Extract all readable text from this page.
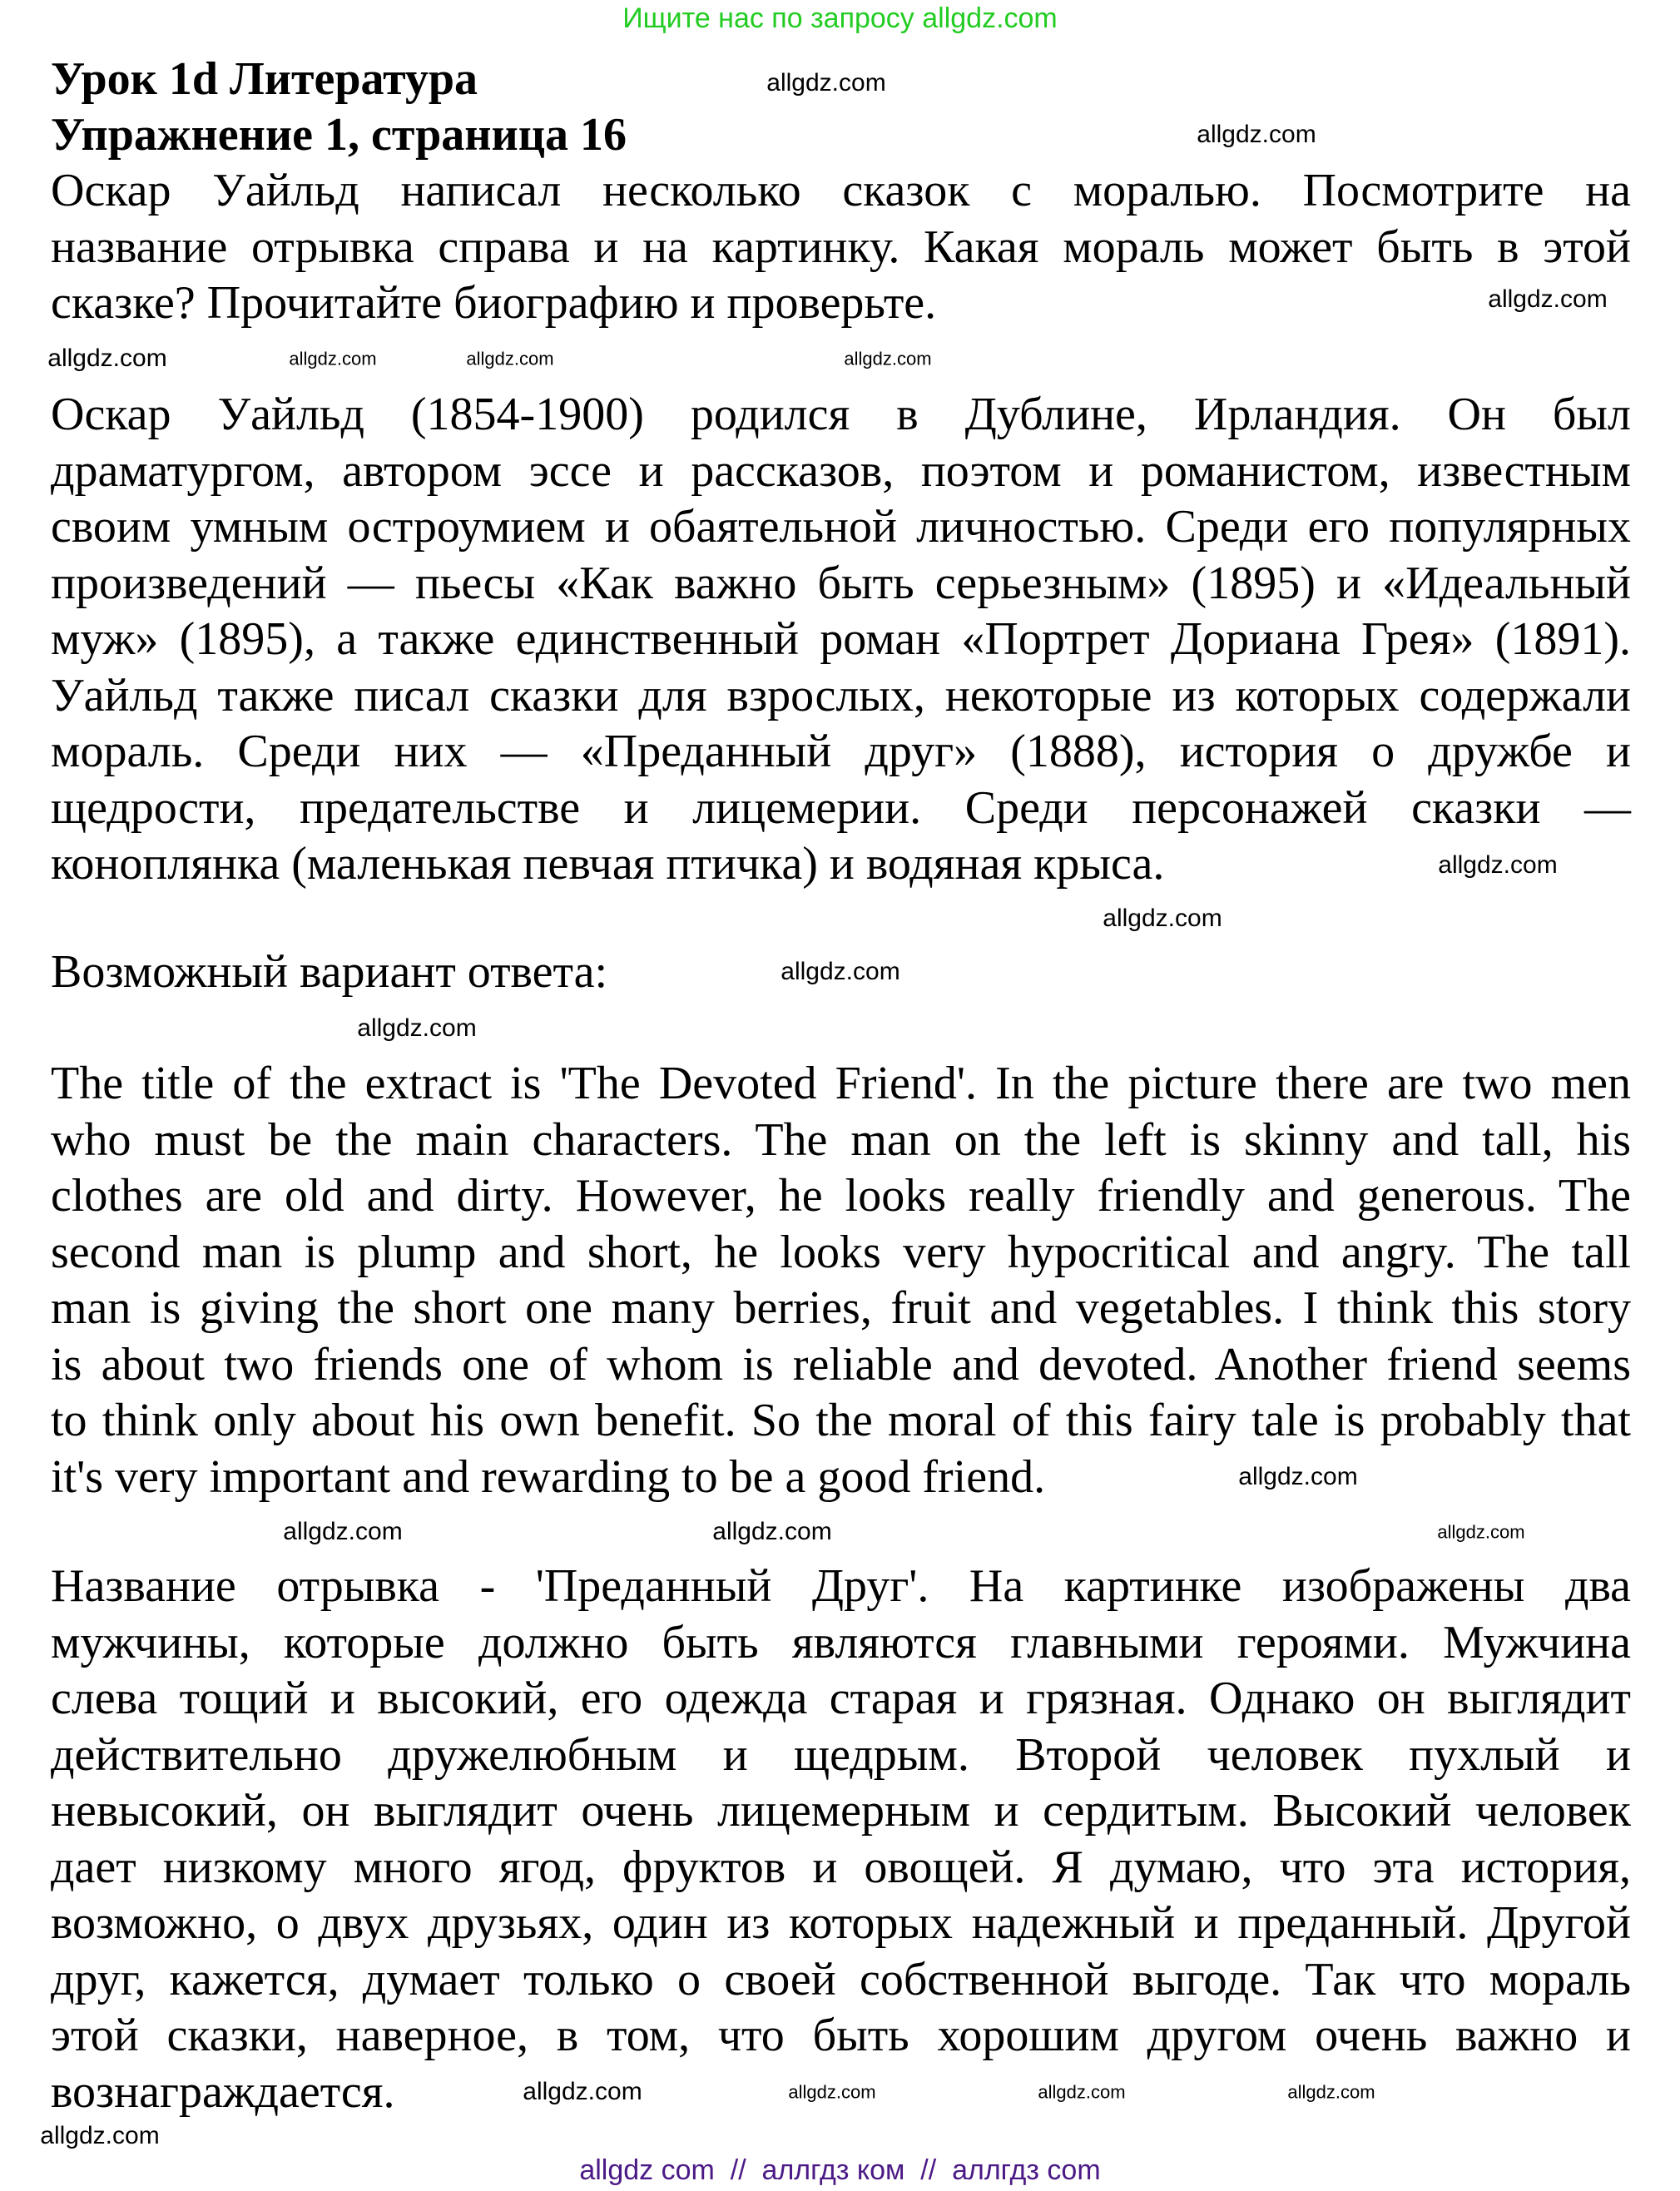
Ищите нас по запросу allgdz.com
Урок 1d Литература
Упражнение 1, страница 16
Оскар Уайльд написал несколько сказок с моралью. Посмотрите на
название отрывка справа и на картинку. Какая мораль может быть в этой
сказке? Прочитайте биографию и проверьте.
Оскар Уайльд (1854-1900) родился в Дублине, Ирландия. Он был
драматургом, автором эссе и рассказов, поэтом и романистом, известным
своим умным остроумием и обаятельной личностью. Среди его популярных
произведений — пьесы «Как важно быть серьезным» (1895) и «Идеальный
муж» (1895), а также единственный роман «Портрет Дориана Грея» (1891).
Уайльд также писал сказки для взрослых, некоторые из которых содержали
мораль. Среди них — «Преданный друг» (1888), история о дружбе и
щедрости, предательстве и лицемерии. Среди персонажей сказки —
коноплянка (маленькая певчая птичка) и водяная крыса.
Возможный вариант ответа:
The title of the extract is 'The Devoted Friend'. In the picture there are two men
who must be the main characters. The man on the left is skinny and tall, his
clothes are old and dirty. However, he looks really friendly and generous. The
second man is plump and short, he looks very hypocritical and angry. The tall
man is giving the short one many berries, fruit and vegetables. I think this story
is about two friends one of whom is reliable and devoted. Another friend seems
to think only about his own benefit. So the moral of this fairy tale is probably that
it's very important and rewarding to be a good friend.
Название отрывка - 'Преданный Друг'. На картинке изображены два
мужчины, которые должно быть являются главными героями. Мужчина
слева тощий и высокий, его одежда старая и грязная. Однако он выглядит
действительно дружелюбным и щедрым. Второй человек пухлый и
невысокий, он выглядит очень лицемерным и сердитым. Высокий человек
дает низкому много ягод, фруктов и овощей. Я думаю, что эта история,
возможно, о двух друзьях, один из которых надежный и преданный. Другой
друг, кажется, думает только о своей собственной выгоде. Так что мораль
этой сказки, наверное, в том, что быть хорошим другом очень важно и
вознаграждается.
allgdz.com
allgdz.com
allgdz.com
allgdz.com	allgdz.com
allgdz.com	allgdz.com
allgdz.com
allgdz.com
allgdz.com
allgdz.com
allgdz.com
allgdz.com
allgdz.com
allgdz.com
allgdz.com	allgdz.com	allgdz.com
allgdz.com
allgdz.com
allgdz com  //  аллгдз ком  //  аллгдз com
